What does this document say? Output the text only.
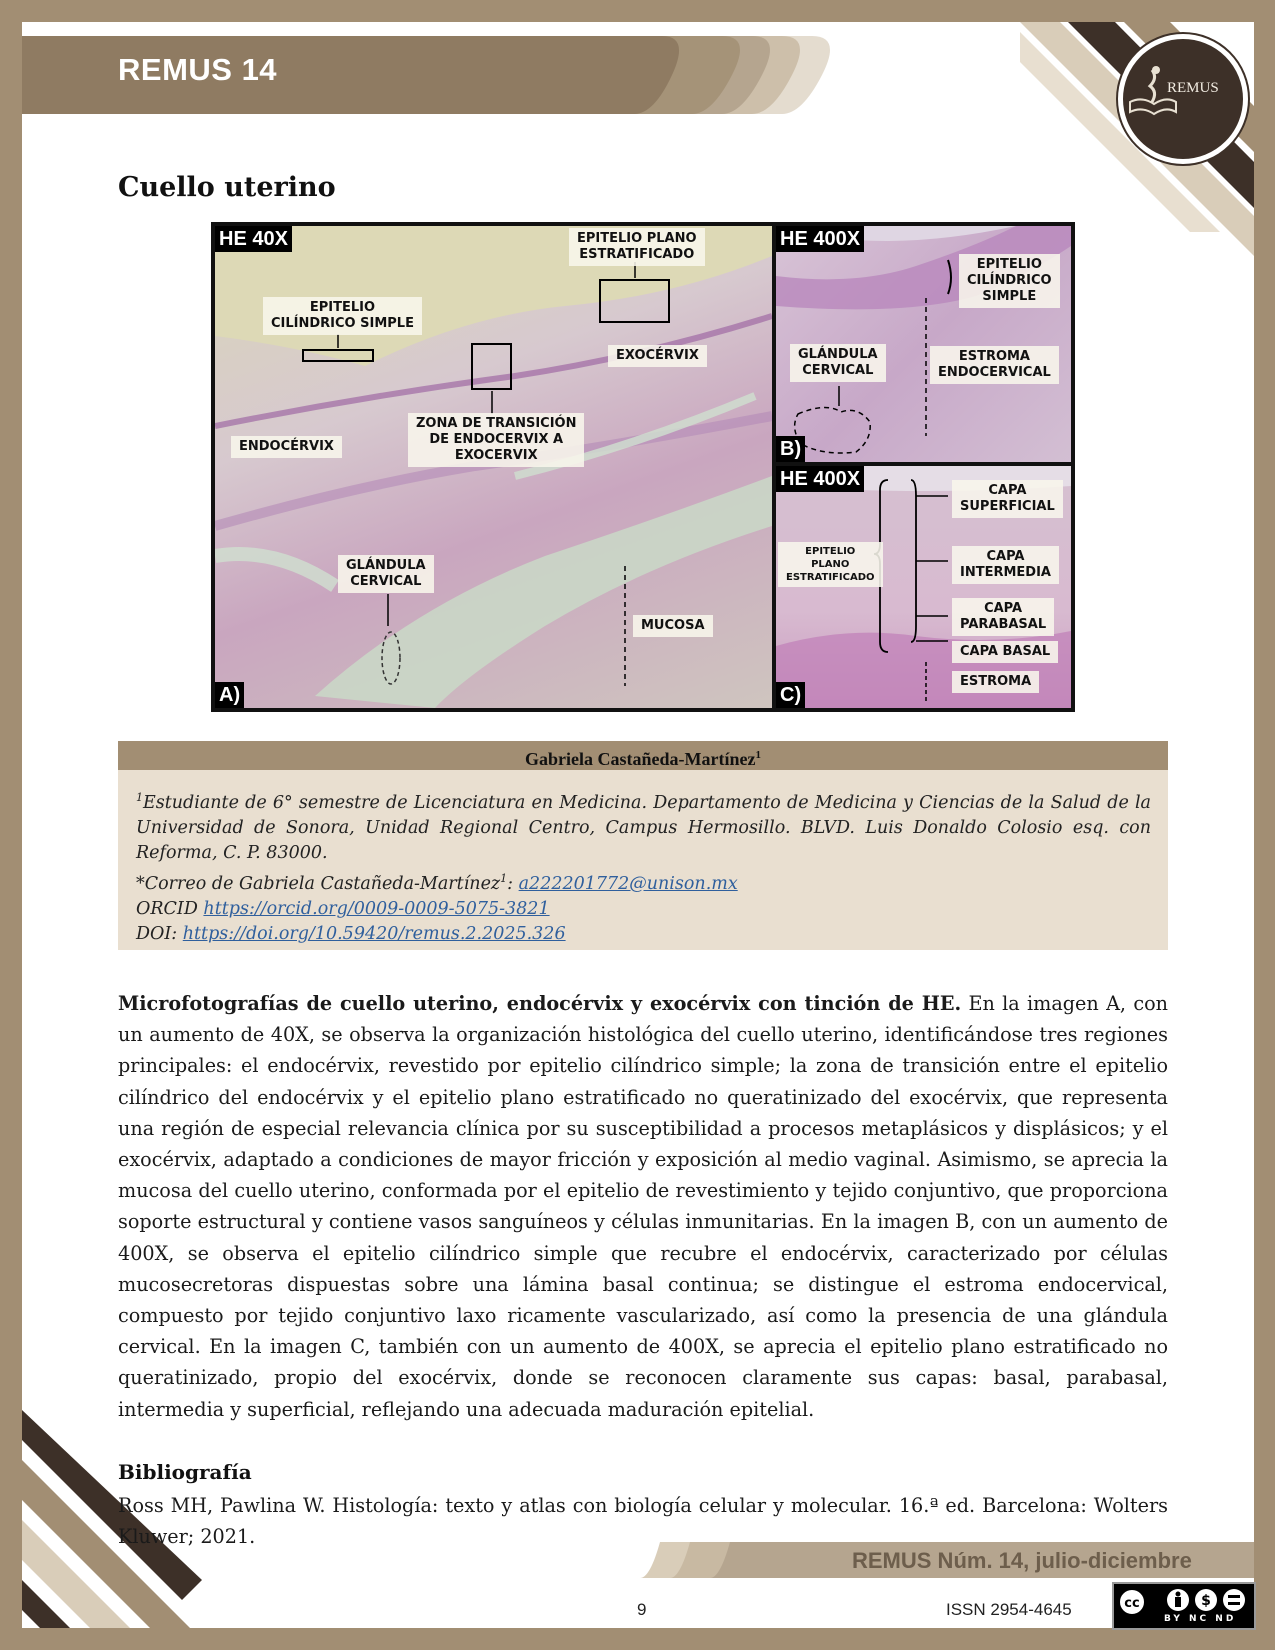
REMUS 14
REMUS
Cuello uterino
HE 40X
A)
EPITELIO
CILÍNDRICO SIMPLE
EPITELIO PLANO
ESTRATIFICADO
EXOCÉRVIX
ENDOCÉRVIX
ZONA DE TRANSICIÓN
DE ENDOCERVIX A
EXOCERVIX
GLÁNDULA
CERVICAL
MUCOSA
HE 400X
B)
EPITELIO
CILÍNDRICO
SIMPLE
GLÁNDULA
CERVICAL
ESTROMA
ENDOCERVICAL
HE 400X
C)
EPITELIO
PLANO
ESTRATIFICADO
CAPA
SUPERFICIAL
CAPA
INTERMEDIA
CAPA
PARABASAL
CAPA BASAL
ESTROMA
Gabriela Castañeda-Martínez$^1$
$^1$Estudiante de 6° semestre de Licenciatura en Medicina. Departamento de Medicina y Ciencias de la Salud de la Universidad de Sonora, Unidad Regional Centro, Campus Hermosillo. BLVD. Luis Donaldo Colosio esq. con Reforma, C. P. 83000.
*Correo de Gabriela Castañeda-Martínez$^1$: a222201772@unison.mx
ORCID https://orcid.org/0009-0009-5075-3821
DOI: https://doi.org/10.59420/remus.2.2025.326
Microfotografías de cuello uterino, endocérvix y exocérvix con tinción de HE. En la imagen A, con un aumento de 40X, se observa la organización histológica del cuello uterino, identificándose tres regiones principales: el endocérvix, revestido por epitelio cilíndrico simple; la zona de transición entre el epitelio cilíndrico del endocérvix y el epitelio plano estratificado no queratinizado del exocérvix, que representa una región de especial relevancia clínica por su susceptibilidad a procesos metaplásicos y displásicos; y el exocérvix, adaptado a condiciones de mayor fricción y exposición al medio vaginal. Asimismo, se aprecia la mucosa del cuello uterino, conformada por el epitelio de revestimiento y tejido conjuntivo, que proporciona soporte estructural y contiene vasos sanguíneos y células inmunitarias. En la imagen B, con un aumento de 400X, se observa el epitelio cilíndrico simple que recubre el endocérvix, caracterizado por células mucosecretoras dispuestas sobre una lámina basal continua; se distingue el estroma endocervical, compuesto por tejido conjuntivo laxo ricamente vascularizado, así como la presencia de una glándula cervical. En la imagen C, también con un aumento de 400X, se aprecia el epitelio plano estratificado no queratinizado, propio del exocérvix, donde se reconocen claramente sus capas: basal, parabasal, intermedia y superficial, reflejando una adecuada maduración epitelial.
Bibliografía
Ross MH, Pawlina W. Histología: texto y atlas con biología celular y molecular. 16.ª ed. Barcelona: Wolters Kluwer; 2021.
REMUS Núm. 14, julio-diciembre
9	ISSN 2954-4645	cc	$
BY NC ND
